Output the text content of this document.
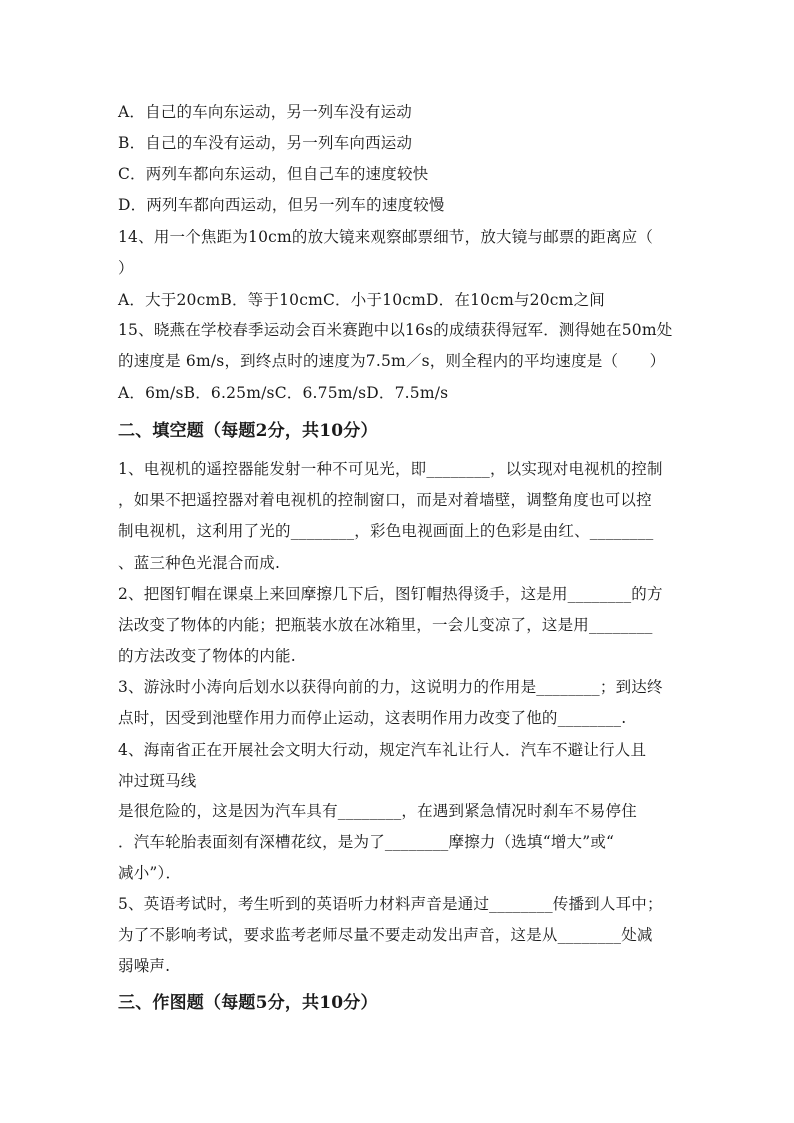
A．自己的车向东运动，另一列车没有运动
B．自己的车没有运动，另一列车向西运动
C．两列车都向东运动，但自己车的速度较快
D．两列车都向西运动，但另一列车的速度较慢
14、用一个焦距为10cm的放大镜来观察邮票细节，放大镜与邮票的距离应（
）
A．大于20cmB．等于10cmC．小于10cmD．在10cm与20cm之间
15、晓燕在学校春季运动会百米赛跑中以16s的成绩获得冠军．测得她在50m处
的速度是 6m/s，到终点时的速度为7.5m／s，则全程内的平均速度是（　　）
A．6m/sB．6.25m/sC．6.75m/sD．7.5m/s
二、填空题（每题2分，共10分）
1、电视机的遥控器能发射一种不可见光，即________，以实现对电视机的控制
，如果不把遥控器对着电视机的控制窗口，而是对着墙壁，调整角度也可以控
制电视机，这利用了光的________，彩色电视画面上的色彩是由红、________
、蓝三种色光混合而成.
2、把图钉帽在课桌上来回摩擦几下后，图钉帽热得烫手，这是用________的方
法改变了物体的内能；把瓶装水放在冰箱里，一会儿变凉了，这是用________
的方法改变了物体的内能.
3、游泳时小涛向后划水以获得向前的力，这说明力的作用是________；到达终
点时，因受到池壁作用力而停止运动，这表明作用力改变了他的________.
4、海南省正在开展社会文明大行动，规定汽车礼让行人．汽车不避让行人且
冲过斑马线
是很危险的，这是因为汽车具有________，在遇到紧急情况时刹车不易停住
．汽车轮胎表面刻有深槽花纹，是为了________摩擦力（选填“增大”或“
减小”）．
5、英语考试时，考生听到的英语听力材料声音是通过________传播到人耳中；
为了不影响考试，要求监考老师尽量不要走动发出声音，这是从________处减
弱噪声.
三、作图题（每题5分，共10分）
